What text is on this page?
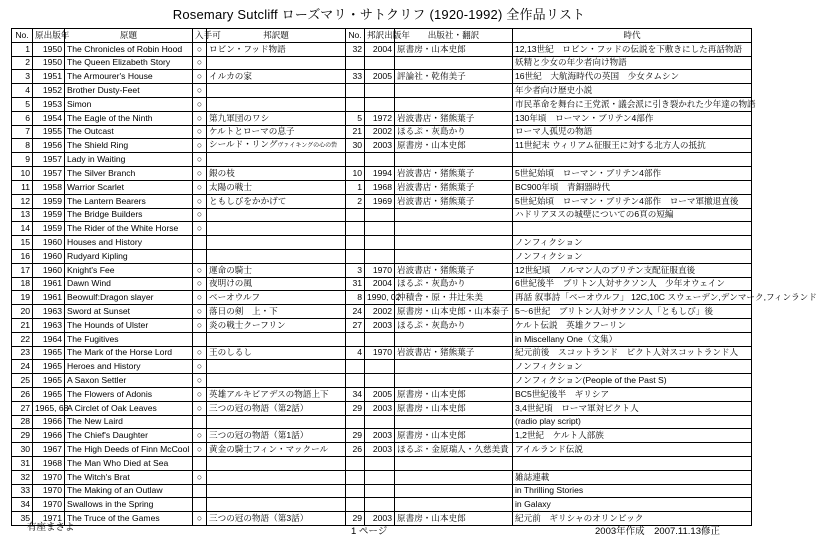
Rosemary Sutcliff ローズマリ・サトクリフ (1920-1992) 全作品リスト
No.	原出版年	原題	入手可	邦訳題	No.	邦訳出版年	出版社・翻訳	時代
1	1950	The Chronicles of Robin Hood	○	ロビン・フッド物語	32	2004	原書房・山本史郎	12,13世紀　ロビン・フッドの伝説を下敷きにした再話物語
2	1950	The Queen Elizabeth Story	○					妖精と少女の年少者向け物語
3	1951	The Armourer's House	○	イルカの家	33	2005	評論社・乾侑美子	16世紀　大航海時代の英国　少女タムシン
4	1952	Brother Dusty-Feet	○					年少者向け歴史小説
5	1953	Simon	○					市民革命を舞台に王党派・議会派に引き裂かれた少年達の物語
6	1954	The Eagle of the Ninth	○	第九軍団のワシ	5	1972	岩波書店・猪熊葉子	130年頃　ローマン・ブリテン4部作
7	1955	The Outcast	○	ケルトとローマの息子	21	2002	ほるぷ・灰島かり	ローマ人孤児の物語
8	1956	The Shield Ring	○	シールド・リングヴァイキングの心の砦	30	2003	原書房・山本史郎	11世紀末 ウィリアム征服王に対する北方人の抵抗
9	1957	Lady in Waiting	○					
10	1957	The Silver Branch	○	銀の枝	10	1994	岩波書店・猪熊葉子	5世紀始頃　ローマン・ブリテン4部作
11	1958	Warrior Scarlet	○	太陽の戦士	1	1968	岩波書店・猪熊葉子	BC900年頃　青銅器時代
12	1959	The Lantern Bearers	○	ともしびをかかげて	2	1969	岩波書店・猪熊葉子	5世紀始頃　ローマン・ブリテン4部作　ローマ軍撤退直後
13	1959	The Bridge Builders	○					ハドリアヌスの城壁についての6頁の短編
14	1959	The Rider of the White Horse	○					
15	1960	Houses and History						ノンフィクション
16	1960	Rudyard Kipling						ノンフィクション
17	1960	Knight's Fee	○	運命の騎士	3	1970	岩波書店・猪熊葉子	12世紀頃　ノルマン人のブリテン支配征服直後
18	1961	Dawn Wind	○	夜明けの風	31	2004	ほるぷ・灰島かり	6世紀後半　ブリトン人対サクソン人　少年オウェイン
19	1961	Beowulf:Dragon slayer	○	ベーオウルフ	8	1990, 02	沖積舎・原・井辻朱美	再話 叙事詩「ベーオウルフ」 12C,10C スウェーデン,デンマーク,フィンランド
20	1963	Sword at Sunset	○	落日の剣　上・下	24	2002	原書房・山本史郎・山本泰子	5～6世紀　ブリトン人対サクソン人「ともしび」後
21	1963	The Hounds of Ulster	○	炎の戦士クーフリン	27	2003	ほるぷ・灰島かり	ケルト伝説　英雄クフーリン
22	1964	The Fugitives						in Miscellany One（文集）
23	1965	The Mark of the Horse Lord	○	王のしるし	4	1970	岩波書店・猪熊葉子	紀元前後　スコットランド　ピクト人対スコットランド人
24	1965	Heroes and History	○					ノンフィクション
25	1965	A Saxon Settler	○					ノンフィクション(People of the Past S)
26	1965	The Flowers of Adonis	○	英雄アルキビアデスの物語上下	34	2005	原書房・山本史郎	BC5世紀後半　ギリシア
27	1965, 68	A Circlet of Oak Leaves	○	三つの冠の物語（第2話）	29	2003	原書房・山本史郎	3,4世紀頃　ローマ軍対ピクト人
28	1966	The New Laird						(radio play script)
29	1966	The Chief's Daughter	○	三つの冠の物語（第1話）	29	2003	原書房・山本史郎	1,2世紀　ケルト人部族
30	1967	The High Deeds of Finn McCool	○	黄金の騎士フィン・マックール	26	2003	ほるぷ・金原瑞人・久慈美貴	アイルランド伝説
31	1968	The Man Who Died at Sea						
32	1970	The Witch's Brat	○					雑誌連載
33	1970	The Making of an Outlaw						in Thrilling Stories
34	1970	Swallows in the Spring						in Galaxy
35	1971	The Truce of the Games	○	三つの冠の物語（第3話）	29	2003	原書房・山本史郎	紀元前　ギリシャのオリンピック
有座まさよ	1 ページ	2003年作成　2007.11.13修正
